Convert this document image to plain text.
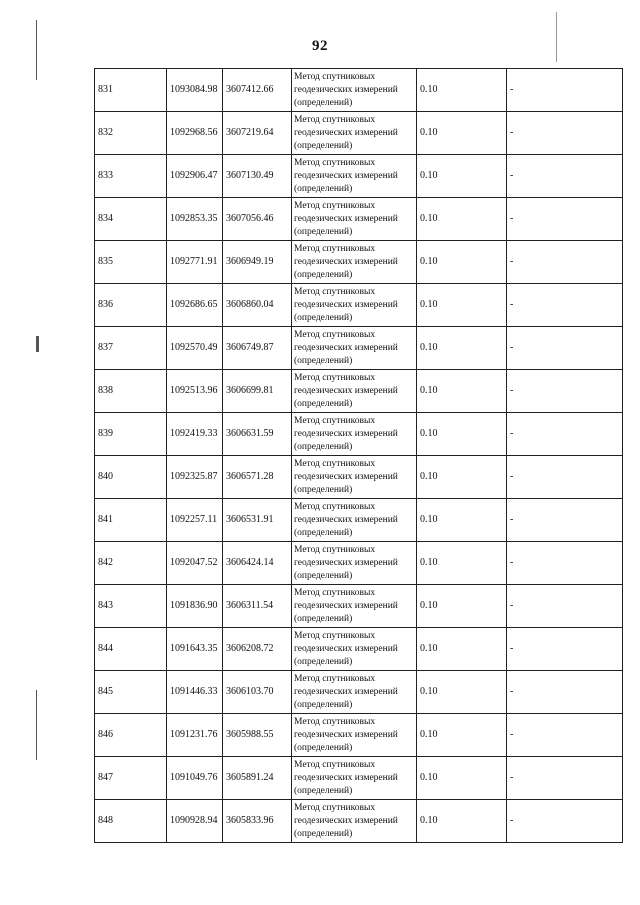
92
831	1093084.98	3607412.66	Метод спутниковых геодезических измерений (определений)	0.10	-
832	1092968.56	3607219.64	Метод спутниковых геодезических измерений (определений)	0.10	-
833	1092906.47	3607130.49	Метод спутниковых геодезических измерений (определений)	0.10	-
834	1092853.35	3607056.46	Метод спутниковых геодезических измерений (определений)	0.10	-
835	1092771.91	3606949.19	Метод спутниковых геодезических измерений (определений)	0.10	-
836	1092686.65	3606860.04	Метод спутниковых геодезических измерений (определений)	0.10	-
837	1092570.49	3606749.87	Метод спутниковых геодезических измерений (определений)	0.10	-
838	1092513.96	3606699.81	Метод спутниковых геодезических измерений (определений)	0.10	-
839	1092419.33	3606631.59	Метод спутниковых геодезических измерений (определений)	0.10	-
840	1092325.87	3606571.28	Метод спутниковых геодезических измерений (определений)	0.10	-
841	1092257.11	3606531.91	Метод спутниковых геодезических измерений (определений)	0.10	-
842	1092047.52	3606424.14	Метод спутниковых геодезических измерений (определений)	0.10	-
843	1091836.90	3606311.54	Метод спутниковых геодезических измерений (определений)	0.10	-
844	1091643.35	3606208.72	Метод спутниковых геодезических измерений (определений)	0.10	-
845	1091446.33	3606103.70	Метод спутниковых геодезических измерений (определений)	0.10	-
846	1091231.76	3605988.55	Метод спутниковых геодезических измерений (определений)	0.10	-
847	1091049.76	3605891.24	Метод спутниковых геодезических измерений (определений)	0.10	-
848	1090928.94	3605833.96	Метод спутниковых геодезических измерений (определений)	0.10	-
